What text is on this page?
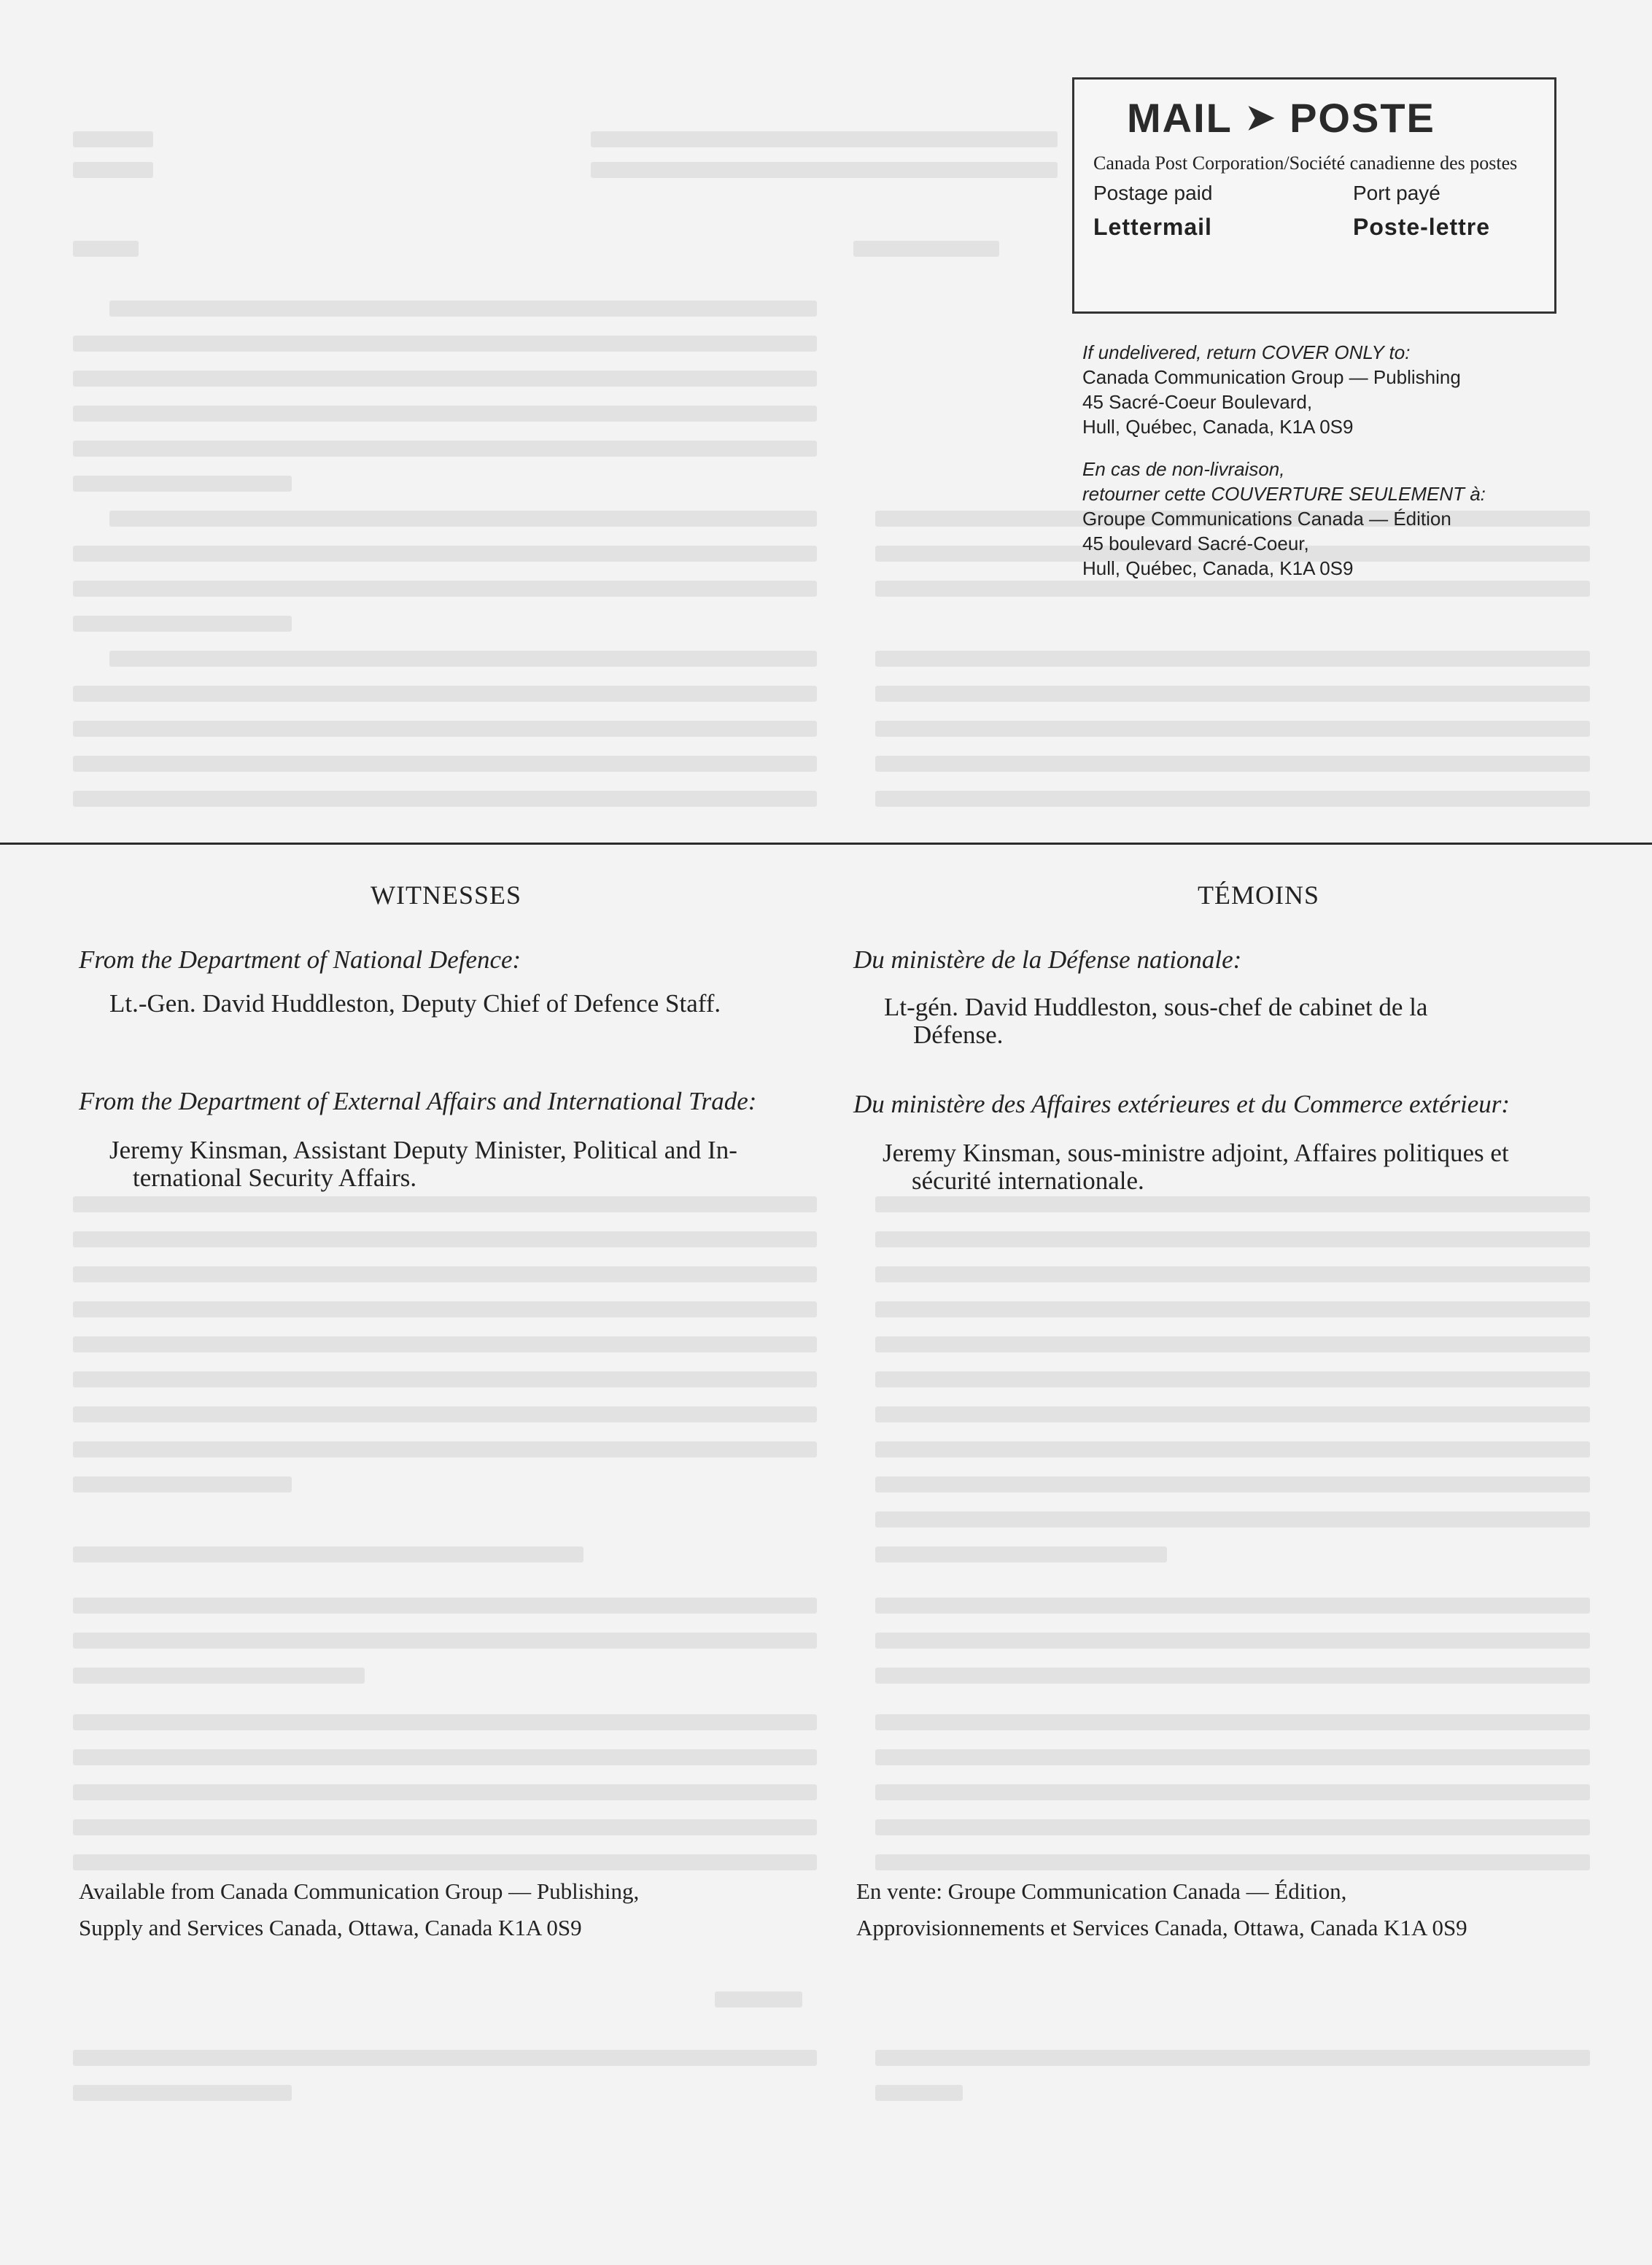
MAIL ➤ POSTE
Canada Post Corporation/Société canadienne des postes
Postage paid	Port payé
Lettermail	Poste-lettre
If undelivered, return COVER ONLY to:
Canada Communication Group — Publishing
45 Sacré-Coeur Boulevard,
Hull, Québec, Canada, K1A 0S9
En cas de non-livraison,
retourner cette COUVERTURE SEULEMENT à:
Groupe Communications Canada — Édition
45 boulevard Sacré-Coeur,
Hull, Québec, Canada, K1A 0S9
WITNESSES
From the Department of National Defence:
Lt.-Gen. David Huddleston, Deputy Chief of Defence Staff.
From the Department of External Affairs and International Trade:
Jeremy Kinsman, Assistant Deputy Minister, Political and In-
ternational Security Affairs.
TÉMOINS
Du ministère de la Défense nationale:
Lt-gén. David Huddleston, sous-chef de cabinet de la
Défense.
Du ministère des Affaires extérieures et du Commerce extérieur:
Jeremy Kinsman, sous-ministre adjoint, Affaires politiques et
sécurité internationale.
Available from Canada Communication Group — Publishing,
Supply and Services Canada, Ottawa, Canada K1A 0S9
En vente: Groupe Communication Canada — Édition,
Approvisionnements et Services Canada, Ottawa, Canada K1A 0S9
